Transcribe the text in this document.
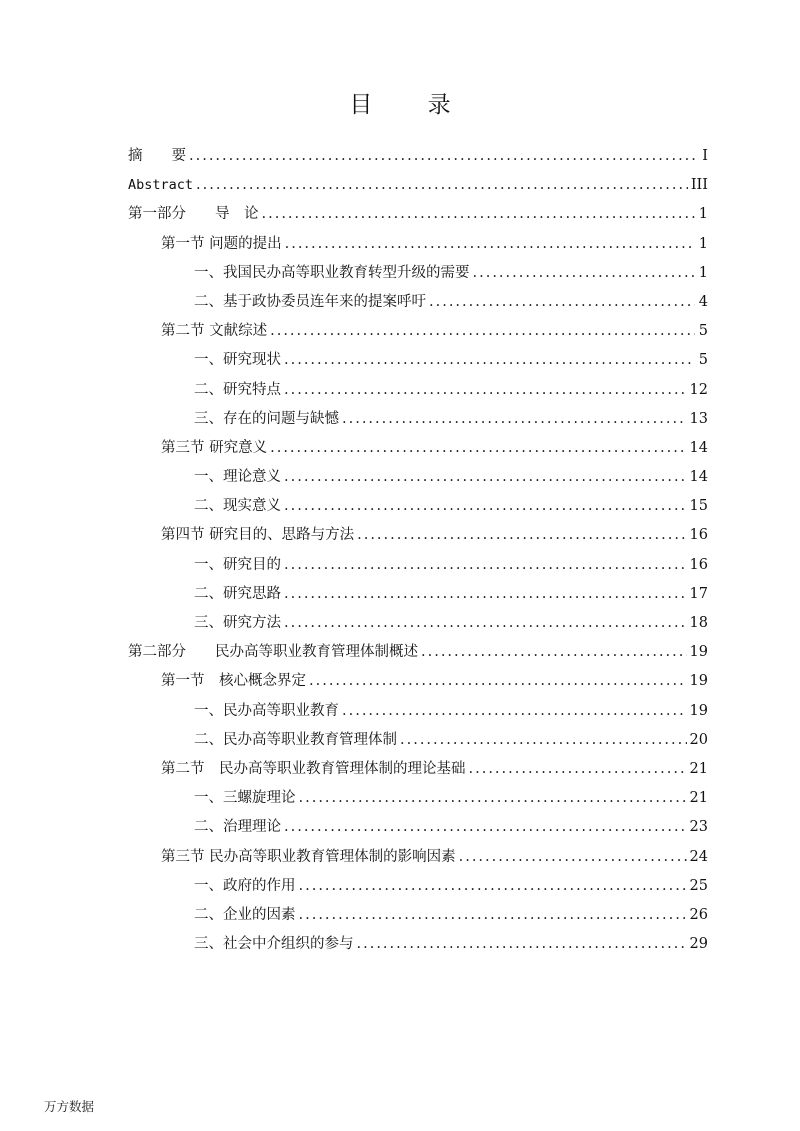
目 录
摘　　要 .....	I
Abstract .....	III
第一部分　　导　论 .....	1
第一节 问题的提出 .....	1
一、我国民办高等职业教育转型升级的需要 .....	1
二、基于政协委员连年来的提案呼吁 .....	4
第二节 文献综述 .....	5
一、研究现状 .....	5
二、研究特点 .....	12
三、存在的问题与缺憾 .....	13
第三节 研究意义 .....	14
一、理论意义 .....	14
二、现实意义 .....	15
第四节 研究目的、思路与方法 .....	16
一、研究目的 .....	16
二、研究思路 .....	17
三、研究方法 .....	18
第二部分　　民办高等职业教育管理体制概述 .....	19
第一节　核心概念界定 .....	19
一、民办高等职业教育 .....	19
二、民办高等职业教育管理体制 .....	20
第二节　民办高等职业教育管理体制的理论基础 .....	21
一、三螺旋理论 .....	21
二、治理理论 .....	23
第三节 民办高等职业教育管理体制的影响因素 .....	24
一、政府的作用 .....	25
二、企业的因素 .....	26
三、社会中介组织的参与 .....	29
万方数据
